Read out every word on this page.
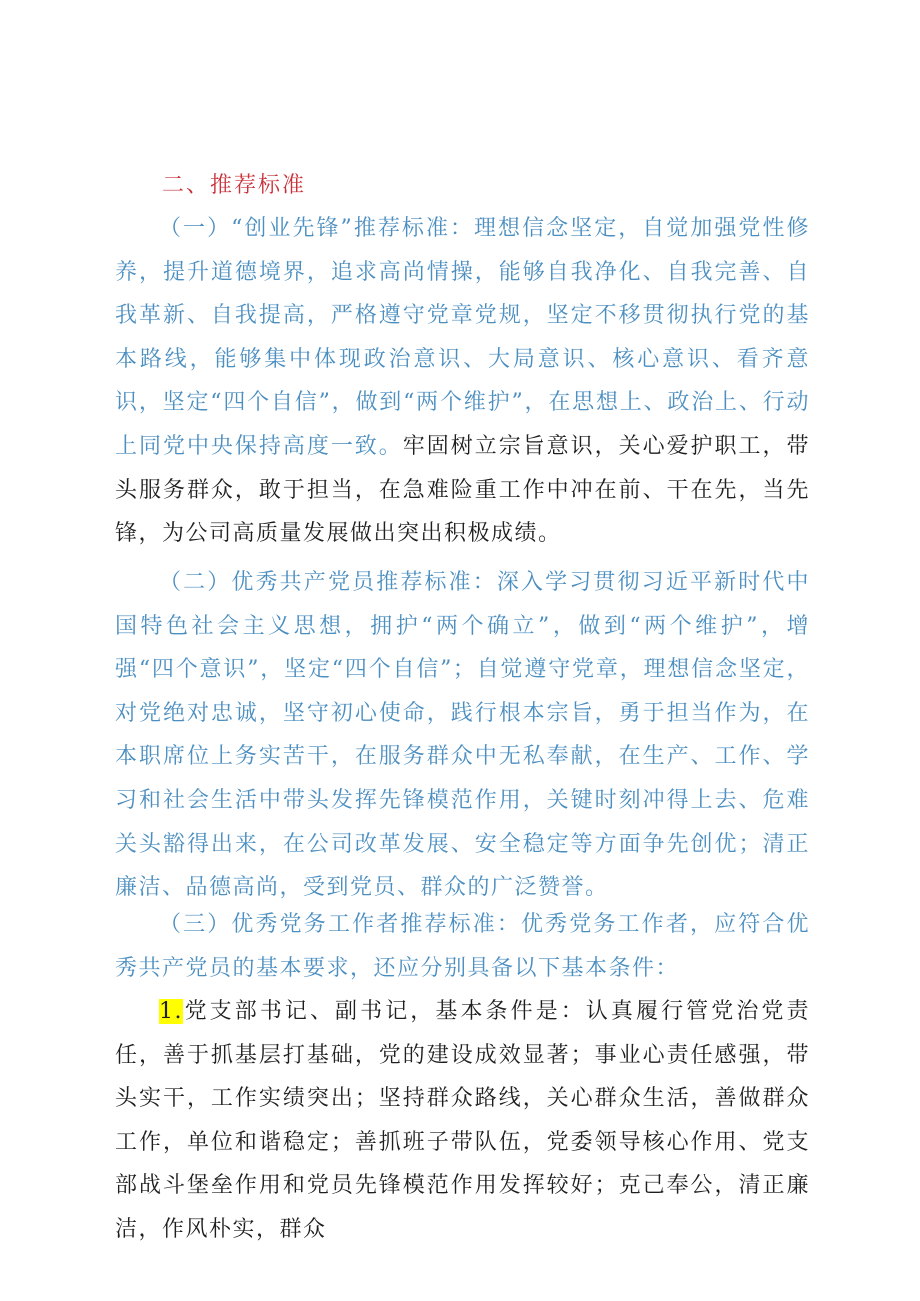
二、推荐标准

（一）“创业先锋”推荐标准：理想信念坚定，自觉加强党性修养，提升道德境界，追求高尚情操，能够自我净化、自我完善、自我革新、自我提高，严格遵守党章党规，坚定不移贯彻执行党的基本路线，能够集中体现政治意识、大局意识、核心意识、看齐意识，坚定“四个自信”，做到“两个维护”，在思想上、政治上、行动上同党中央保持高度一致。牢固树立宗旨意识，关心爱护职工，带头服务群众，敢于担当，在急难险重工作中冲在前、干在先，当先锋，为公司高质量发展做出突出积极成绩。

（二）优秀共产党员推荐标准：深入学习贯彻习近平新时代中国特色社会主义思想，拥护“两个确立”，做到“两个维护”，增强“四个意识”，坚定“四个自信”；自觉遵守党章，理想信念坚定，对党绝对忠诚，坚守初心使命，践行根本宗旨，勇于担当作为，在本职席位上务实苦干，在服务群众中无私奉献，在生产、工作、学习和社会生活中带头发挥先锋模范作用，关键时刻冲得上去、危难关头豁得出来，在公司改革发展、安全稳定等方面争先创优；清正廉洁、品德高尚，受到党员、群众的广泛赞誉。

（三）优秀党务工作者推荐标准：优秀党务工作者，应符合优秀共产党员的基本要求，还应分别具备以下基本条件：

1.党支部书记、副书记，基本条件是：认真履行管党治党责任，善于抓基层打基础，党的建设成效显著；事业心责任感强，带头实干，工作实绩突出；坚持群众路线，关心群众生活，善做群众工作，单位和谐稳定；善抓班子带队伍，党委领导核心作用、党支部战斗堡垒作用和党员先锋模范作用发挥较好；克己奉公，清正廉洁，作风朴实，群众
